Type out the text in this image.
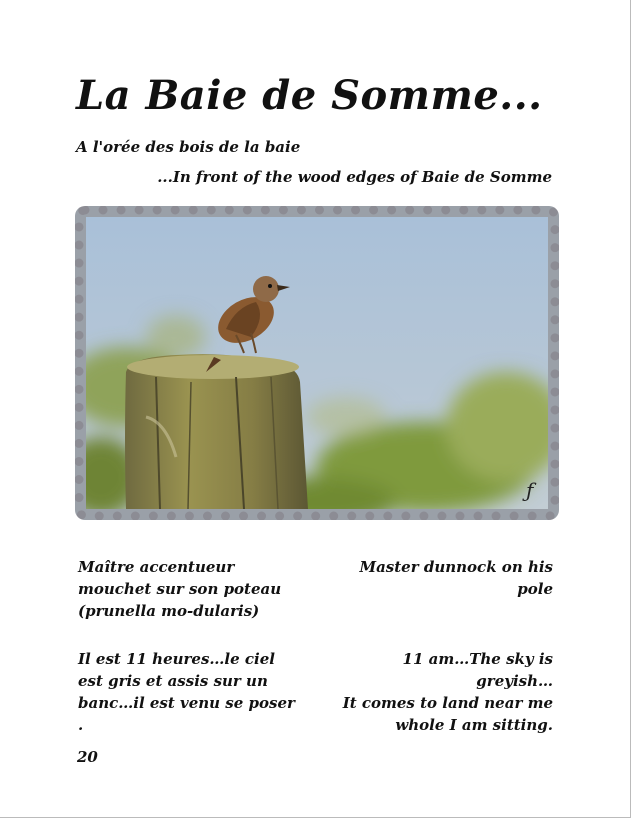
La Baie de Somme...
A l'orée des bois de la baie
...In front of the wood edges of Baie de Somme
ƒ
Maître accentueur mouchet sur son poteau (prunella mo-dularis)
Master dunnock on his pole
Il est 11 heures…le ciel est gris et assis sur un banc…il est venu se poser .
11 am…The sky is greyish…
It comes to land near me
whole I am sitting.
20
